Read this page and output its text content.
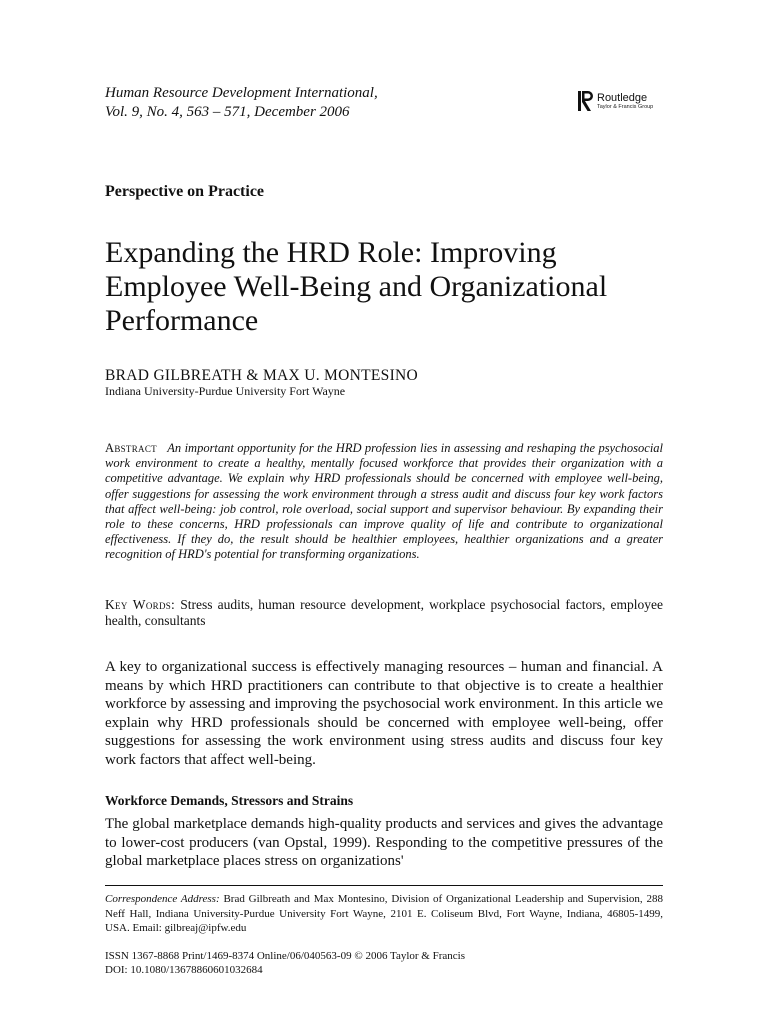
Human Resource Development International,
Vol. 9, No. 4, 563 – 571, December 2006
Routledge
Taylor & Francis Group
Perspective on Practice
Expanding the HRD Role: Improving Employee Well-Being and Organizational Performance
BRAD GILBREATH & MAX U. MONTESINO
Indiana University-Purdue University Fort Wayne
Abstract An important opportunity for the HRD profession lies in assessing and reshaping the psychosocial work environment to create a healthy, mentally focused workforce that provides their organization with a competitive advantage. We explain why HRD professionals should be concerned with employee well-being, offer suggestions for assessing the work environment through a stress audit and discuss four key work factors that affect well-being: job control, role overload, social support and supervisor behaviour. By expanding their role to these concerns, HRD professionals can improve quality of life and contribute to organizational effectiveness. If they do, the result should be healthier employees, healthier organizations and a greater recognition of HRD's potential for transforming organizations.
Key Words: Stress audits, human resource development, workplace psychosocial factors, employee health, consultants
A key to organizational success is effectively managing resources – human and financial. A means by which HRD practitioners can contribute to that objective is to create a healthier workforce by assessing and improving the psychosocial work environment. In this article we explain why HRD professionals should be concerned with employee well-being, offer suggestions for assessing the work environment using stress audits and discuss four key work factors that affect well-being.
Workforce Demands, Stressors and Strains
The global marketplace demands high-quality products and services and gives the advantage to lower-cost producers (van Opstal, 1999). Responding to the competitive pressures of the global marketplace places stress on organizations'
Correspondence Address: Brad Gilbreath and Max Montesino, Division of Organizational Leadership and Supervision, 288 Neff Hall, Indiana University-Purdue University Fort Wayne, 2101 E. Coliseum Blvd, Fort Wayne, Indiana, 46805-1499, USA. Email: gilbreaj@ipfw.edu
ISSN 1367-8868 Print/1469-8374 Online/06/040563-09 © 2006 Taylor & Francis
DOI: 10.1080/13678860601032684
